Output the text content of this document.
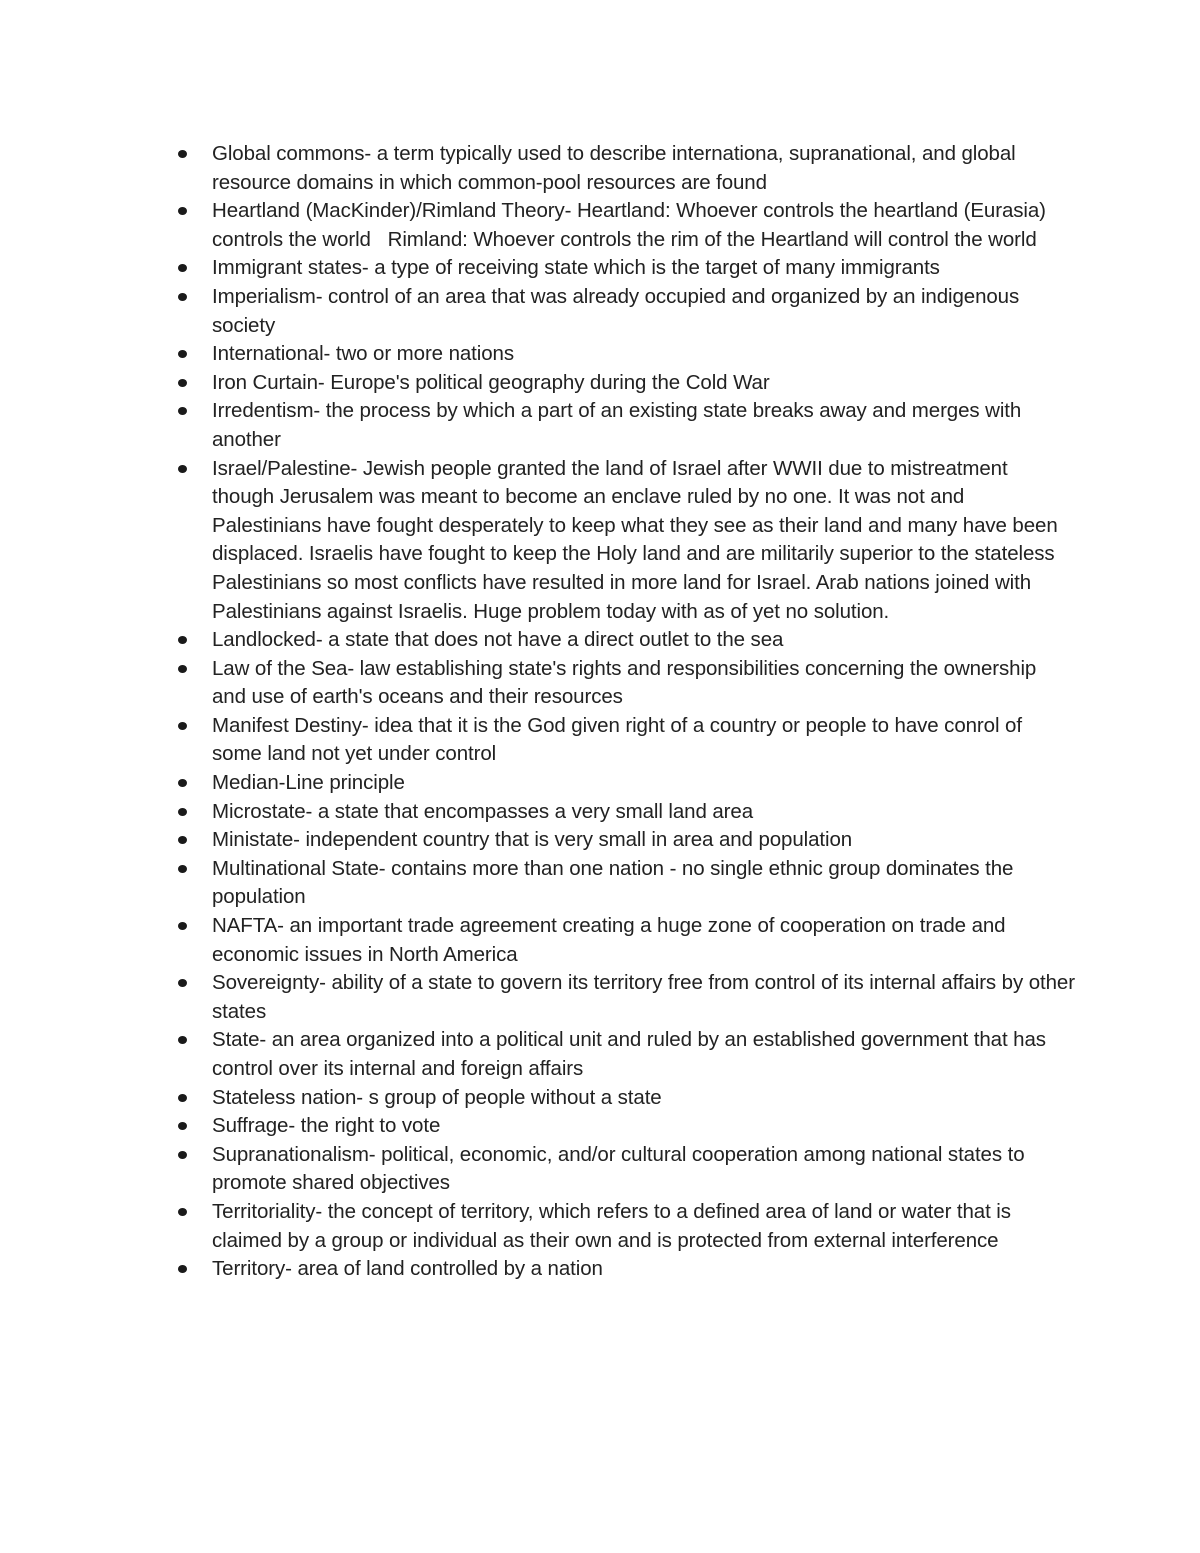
Global commons- a term typically used to describe internationa, supranational, and global resource domains in which common-pool resources are found
Heartland (MacKinder)/Rimland Theory- Heartland: Whoever controls the heartland (Eurasia) controls the world   Rimland: Whoever controls the rim of the Heartland will control the world
Immigrant states- a type of receiving state which is the target of many immigrants
Imperialism- control of an area that was already occupied and organized by an indigenous society
International- two or more nations
Iron Curtain- Europe's political geography during the Cold War
Irredentism- the process by which a part of an existing state breaks away and merges with another
Israel/Palestine- Jewish people granted the land of Israel after WWII due to mistreatment though Jerusalem was meant to become an enclave ruled by no one. It was not and Palestinians have fought desperately to keep what they see as their land and many have been displaced. Israelis have fought to keep the Holy land and are militarily superior to the stateless Palestinians so most conflicts have resulted in more land for Israel. Arab nations joined with Palestinians against Israelis. Huge problem today with as of yet no solution.
Landlocked- a state that does not have a direct outlet to the sea
Law of the Sea- law establishing state's rights and responsibilities concerning the ownership and use of earth's oceans and their resources
Manifest Destiny- idea that it is the God given right of a country or people to have conrol of some land not yet under control
Median-Line principle
Microstate- a state that encompasses a very small land area
Ministate- independent country that is very small in area and population
Multinational State- contains more than one nation - no single ethnic group dominates the population
NAFTA- an important trade agreement creating a huge zone of cooperation on trade and economic issues in North America
Sovereignty- ability of a state to govern its territory free from control of its internal affairs by other states
State- an area organized into a political unit and ruled by an established government that has control over its internal and foreign affairs
Stateless nation- s group of people without a state
Suffrage- the right to vote
Supranationalism- political, economic, and/or cultural cooperation among national states to promote shared objectives
Territoriality- the concept of territory, which refers to a defined area of land or water that is claimed by a group or individual as their own and is protected from external interference
Territory- area of land controlled by a nation
